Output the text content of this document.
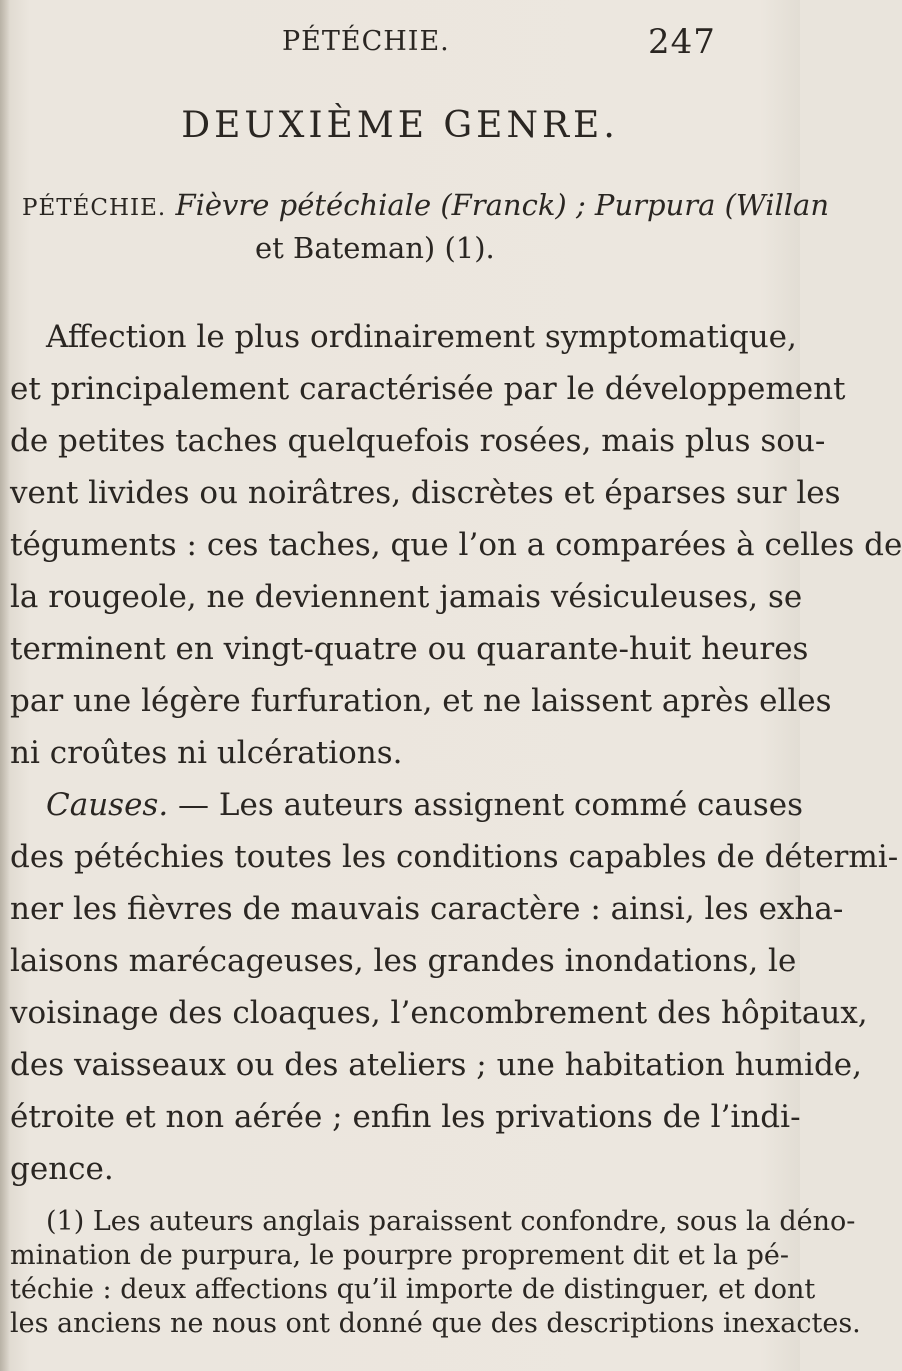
PÉTÉCHIE.	247
DEUXIÈME GENRE.
PÉTÉCHIE. Fièvre pétéchiale (Franck) ; Purpura (Willan
et Bateman) (1).
Affection le plus ordinairement symptomatique,
et principalement caractérisée par le développement
de petites taches quelquefois rosées, mais plus sou-
vent livides ou noirâtres, discrètes et éparses sur les
téguments : ces taches, que l’on a comparées à celles de
la rougeole, ne deviennent jamais vésiculeuses, se
terminent en vingt-quatre ou quarante-huit heures
par une légère furfuration, et ne laissent après elles
ni croûtes ni ulcérations.
Causes. — Les auteurs assignent commé causes
des pétéchies toutes les conditions capables de détermi-
ner les fièvres de mauvais caractère : ainsi, les exha-
laisons marécageuses, les grandes inondations, le
voisinage des cloaques, l’encombrement des hôpitaux,
des vaisseaux ou des ateliers ; une habitation humide,
étroite et non aérée ; enfin les privations de l’indi-
gence.
(1) Les auteurs anglais paraissent confondre, sous la déno-
mination de purpura, le pourpre proprement dit et la pé-
téchie : deux affections qu’il importe de distinguer, et dont
les anciens ne nous ont donné que des descriptions inexactes.
